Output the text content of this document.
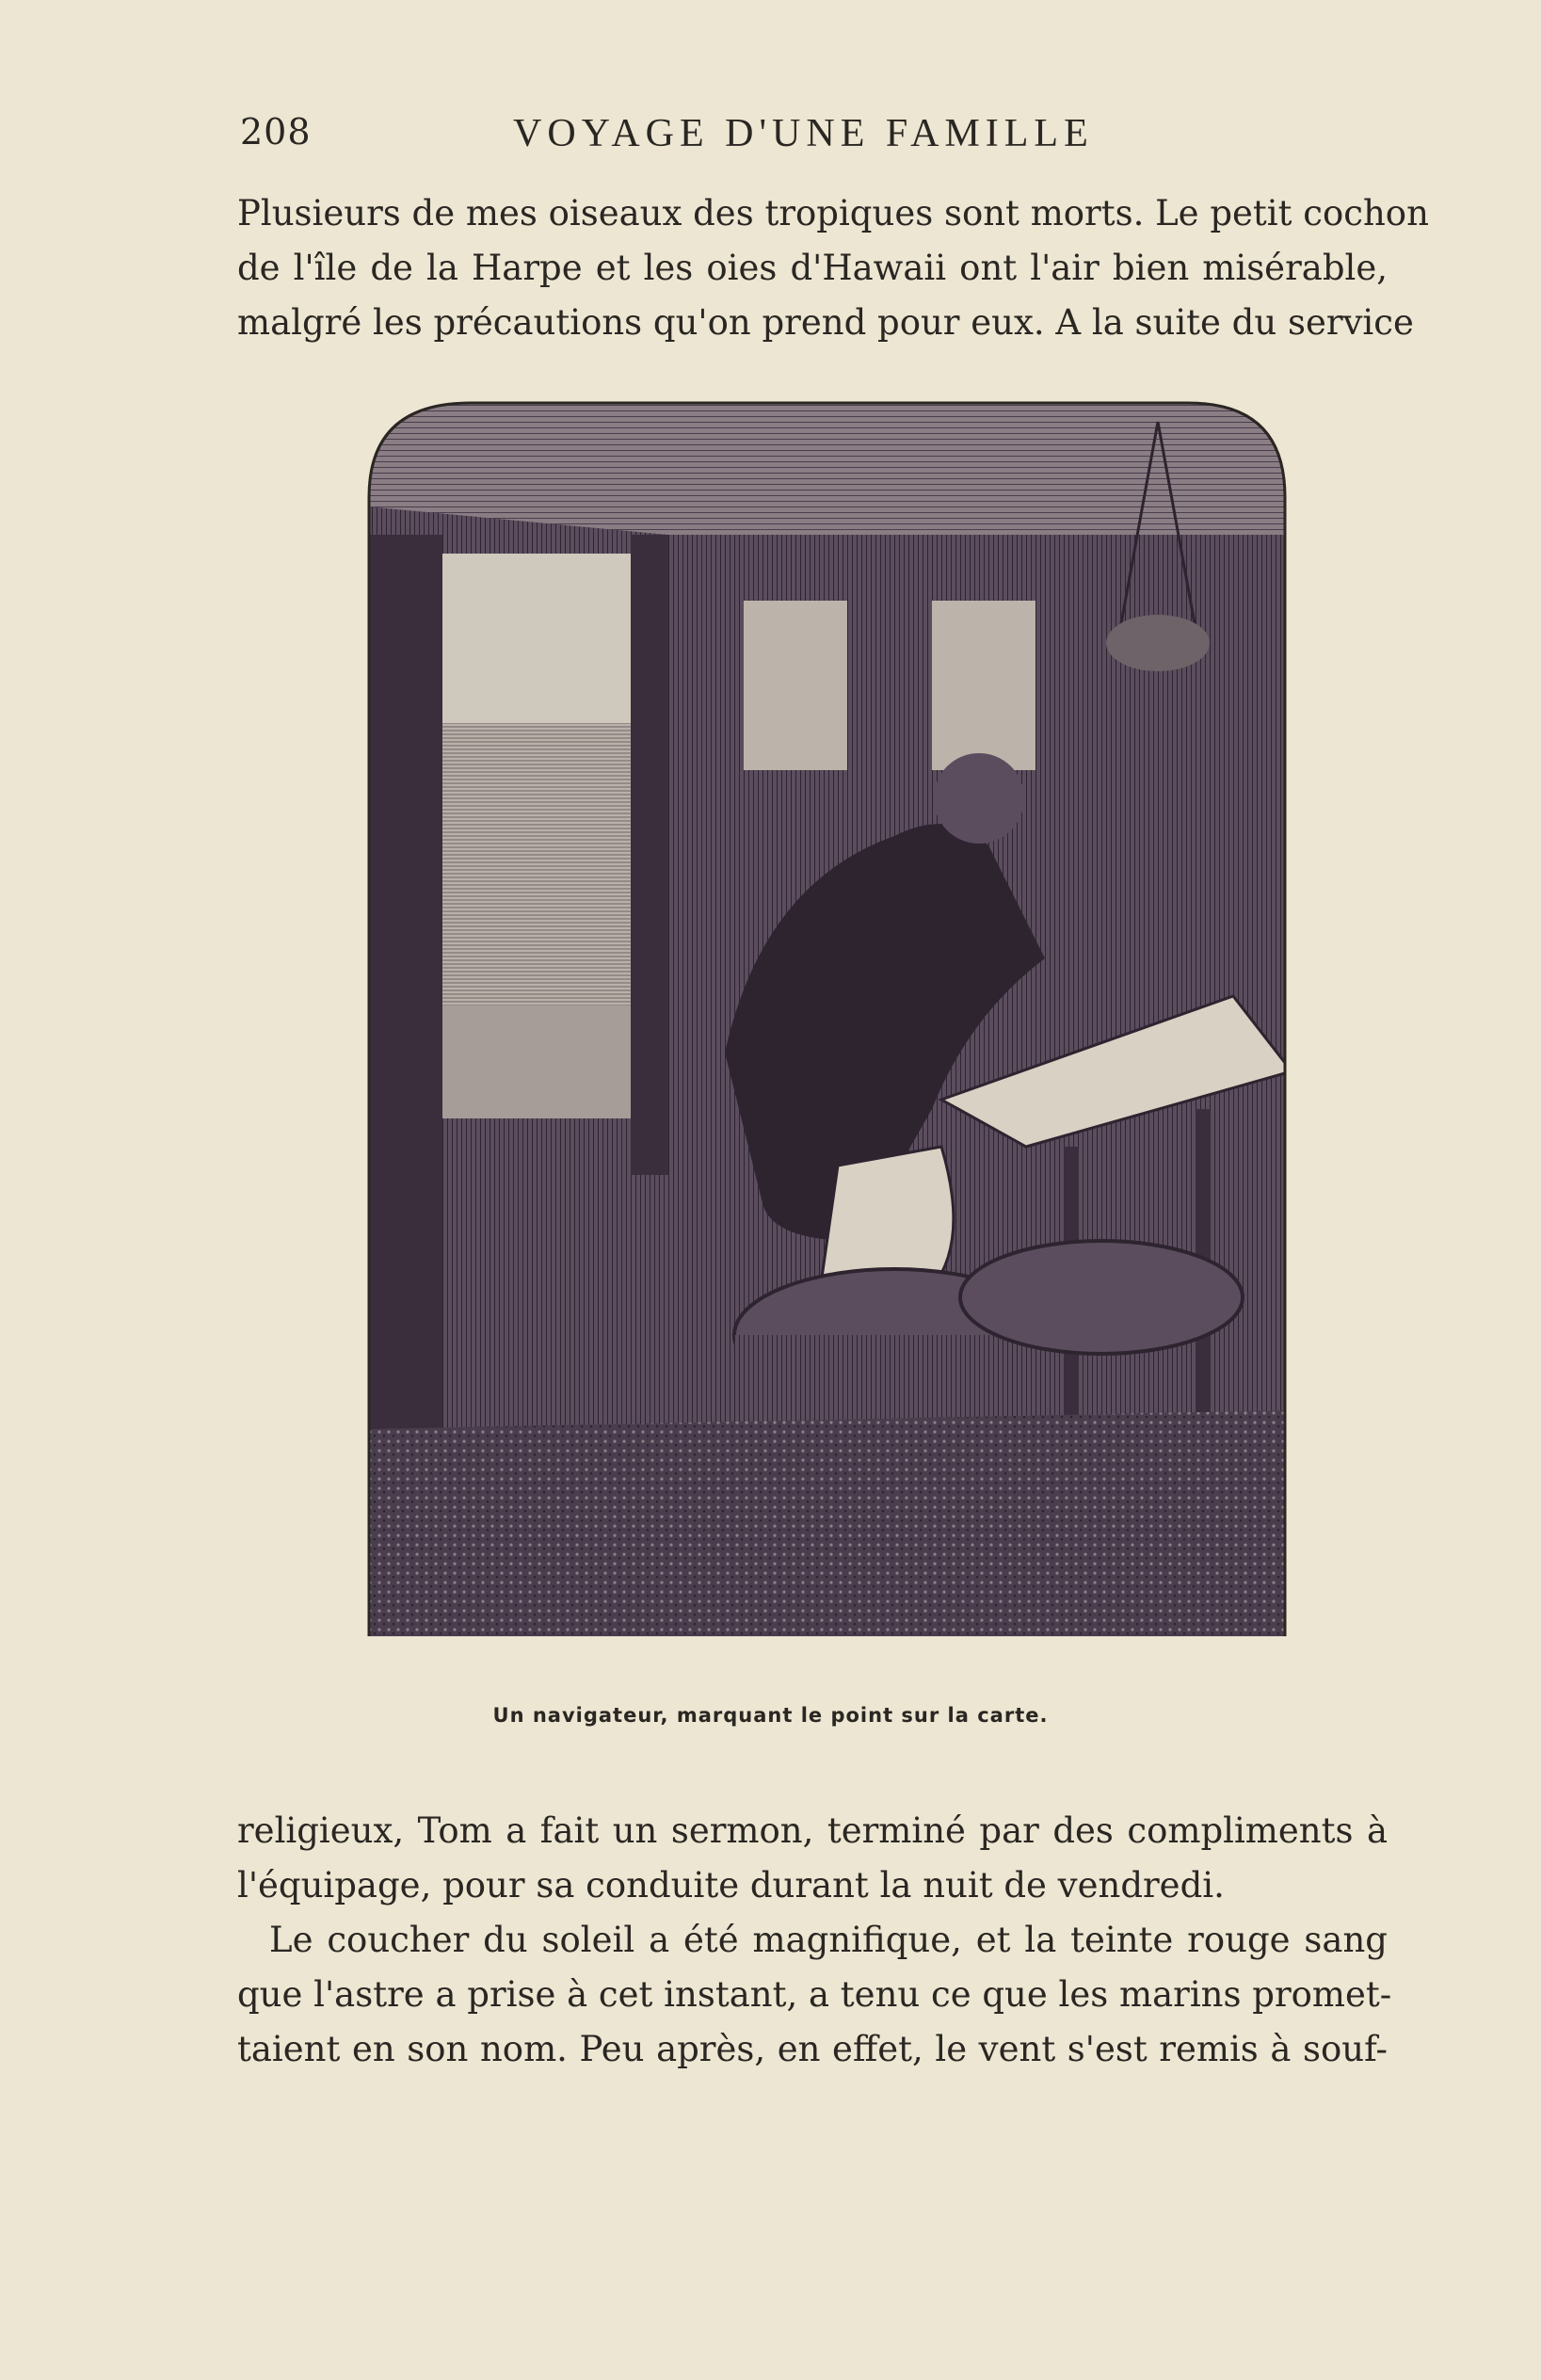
208	VOYAGE D'UNE FAMILLE
Plusieurs de mes oiseaux des tropiques sont morts. Le petit cochon
de l'île de la Harpe et les oies d'Hawaii ont l'air bien misérable,
malgré les précautions qu'on prend pour eux. A la suite du service
Un navigateur, marquant le point sur la carte.
religieux, Tom a fait un sermon, terminé par des compliments à
l'équipage, pour sa conduite durant la nuit de vendredi.
Le coucher du soleil a été magnifique, et la teinte rouge sang
que l'astre a prise à cet instant, a tenu ce que les marins promet-
taient en son nom. Peu après, en effet, le vent s'est remis à souf-
